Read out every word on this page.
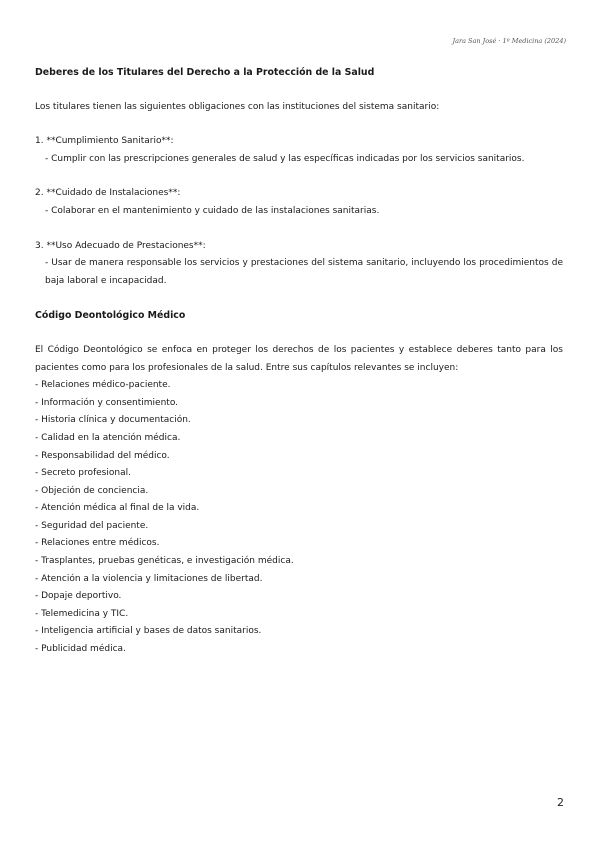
Jara San José · 1º Medicina (2024)
Deberes de los Titulares del Derecho a la Protección de la Salud

Los titulares tienen las siguientes obligaciones con las instituciones del sistema sanitario:

1. **Cumplimiento Sanitario**:

- Cumplir con las prescripciones generales de salud y las específicas indicadas por los servicios sanitarios.

2. **Cuidado de Instalaciones**:

- Colaborar en el mantenimiento y cuidado de las instalaciones sanitarias.

3. **Uso Adecuado de Prestaciones**:

- Usar de manera responsable los servicios y prestaciones del sistema sanitario, incluyendo los procedimientos de baja laboral e incapacidad.

Código Deontológico Médico

El Código Deontológico se enfoca en proteger los derechos de los pacientes y establece deberes tanto para los pacientes como para los profesionales de la salud. Entre sus capítulos relevantes se incluyen:

- Relaciones médico-paciente.
- Información y consentimiento.
- Historia clínica y documentación.
- Calidad en la atención médica.
- Responsabilidad del médico.
- Secreto profesional.
- Objeción de conciencia.
- Atención médica al final de la vida.
- Seguridad del paciente.
- Relaciones entre médicos.
- Trasplantes, pruebas genéticas, e investigación médica.
- Atención a la violencia y limitaciones de libertad.
- Dopaje deportivo.
- Telemedicina y TIC.
- Inteligencia artificial y bases de datos sanitarios.
- Publicidad médica.
2
